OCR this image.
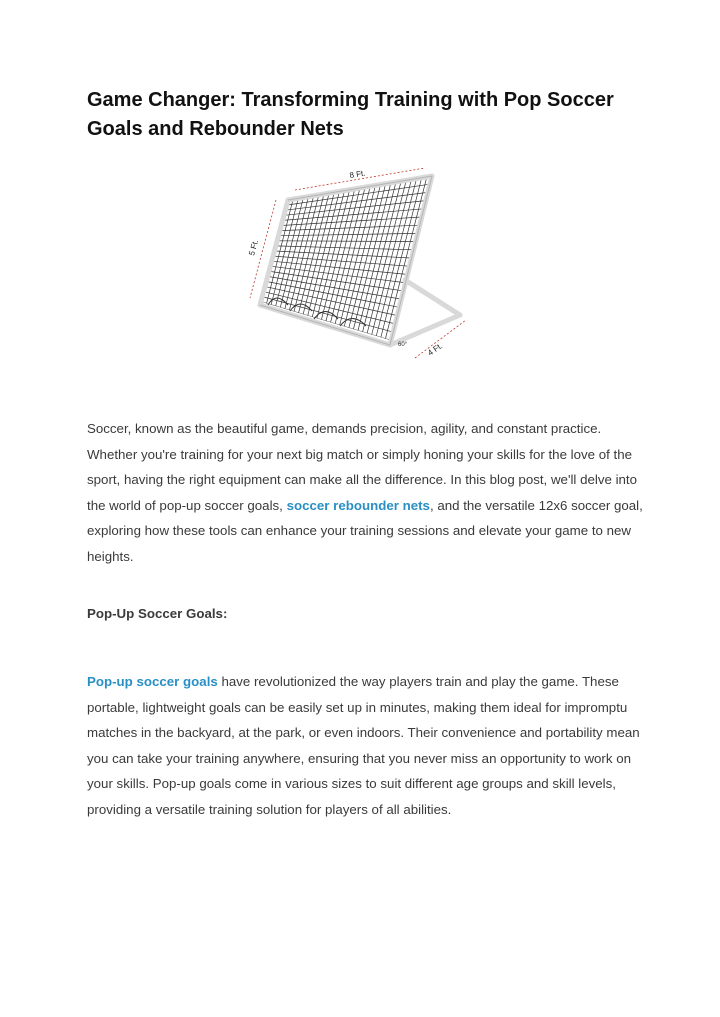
Game Changer: Transforming Training with Pop Soccer Goals and Rebounder Nets
8 Ft.
5 Ft.
4 Ft.
60°

Soccer, known as the beautiful game, demands precision, agility, and constant practice. Whether you're training for your next big match or simply honing your skills for the love of the sport, having the right equipment can make all the difference. In this blog post, we'll delve into the world of pop-up soccer goals, soccer rebounder nets, and the versatile 12x6 soccer goal, exploring how these tools can enhance your training sessions and elevate your game to new heights.

Pop-Up Soccer Goals:

Pop-up soccer goals have revolutionized the way players train and play the game. These portable, lightweight goals can be easily set up in minutes, making them ideal for impromptu matches in the backyard, at the park, or even indoors. Their convenience and portability mean you can take your training anywhere, ensuring that you never miss an opportunity to work on your skills. Pop-up goals come in various sizes to suit different age groups and skill levels, providing a versatile training solution for players of all abilities.
